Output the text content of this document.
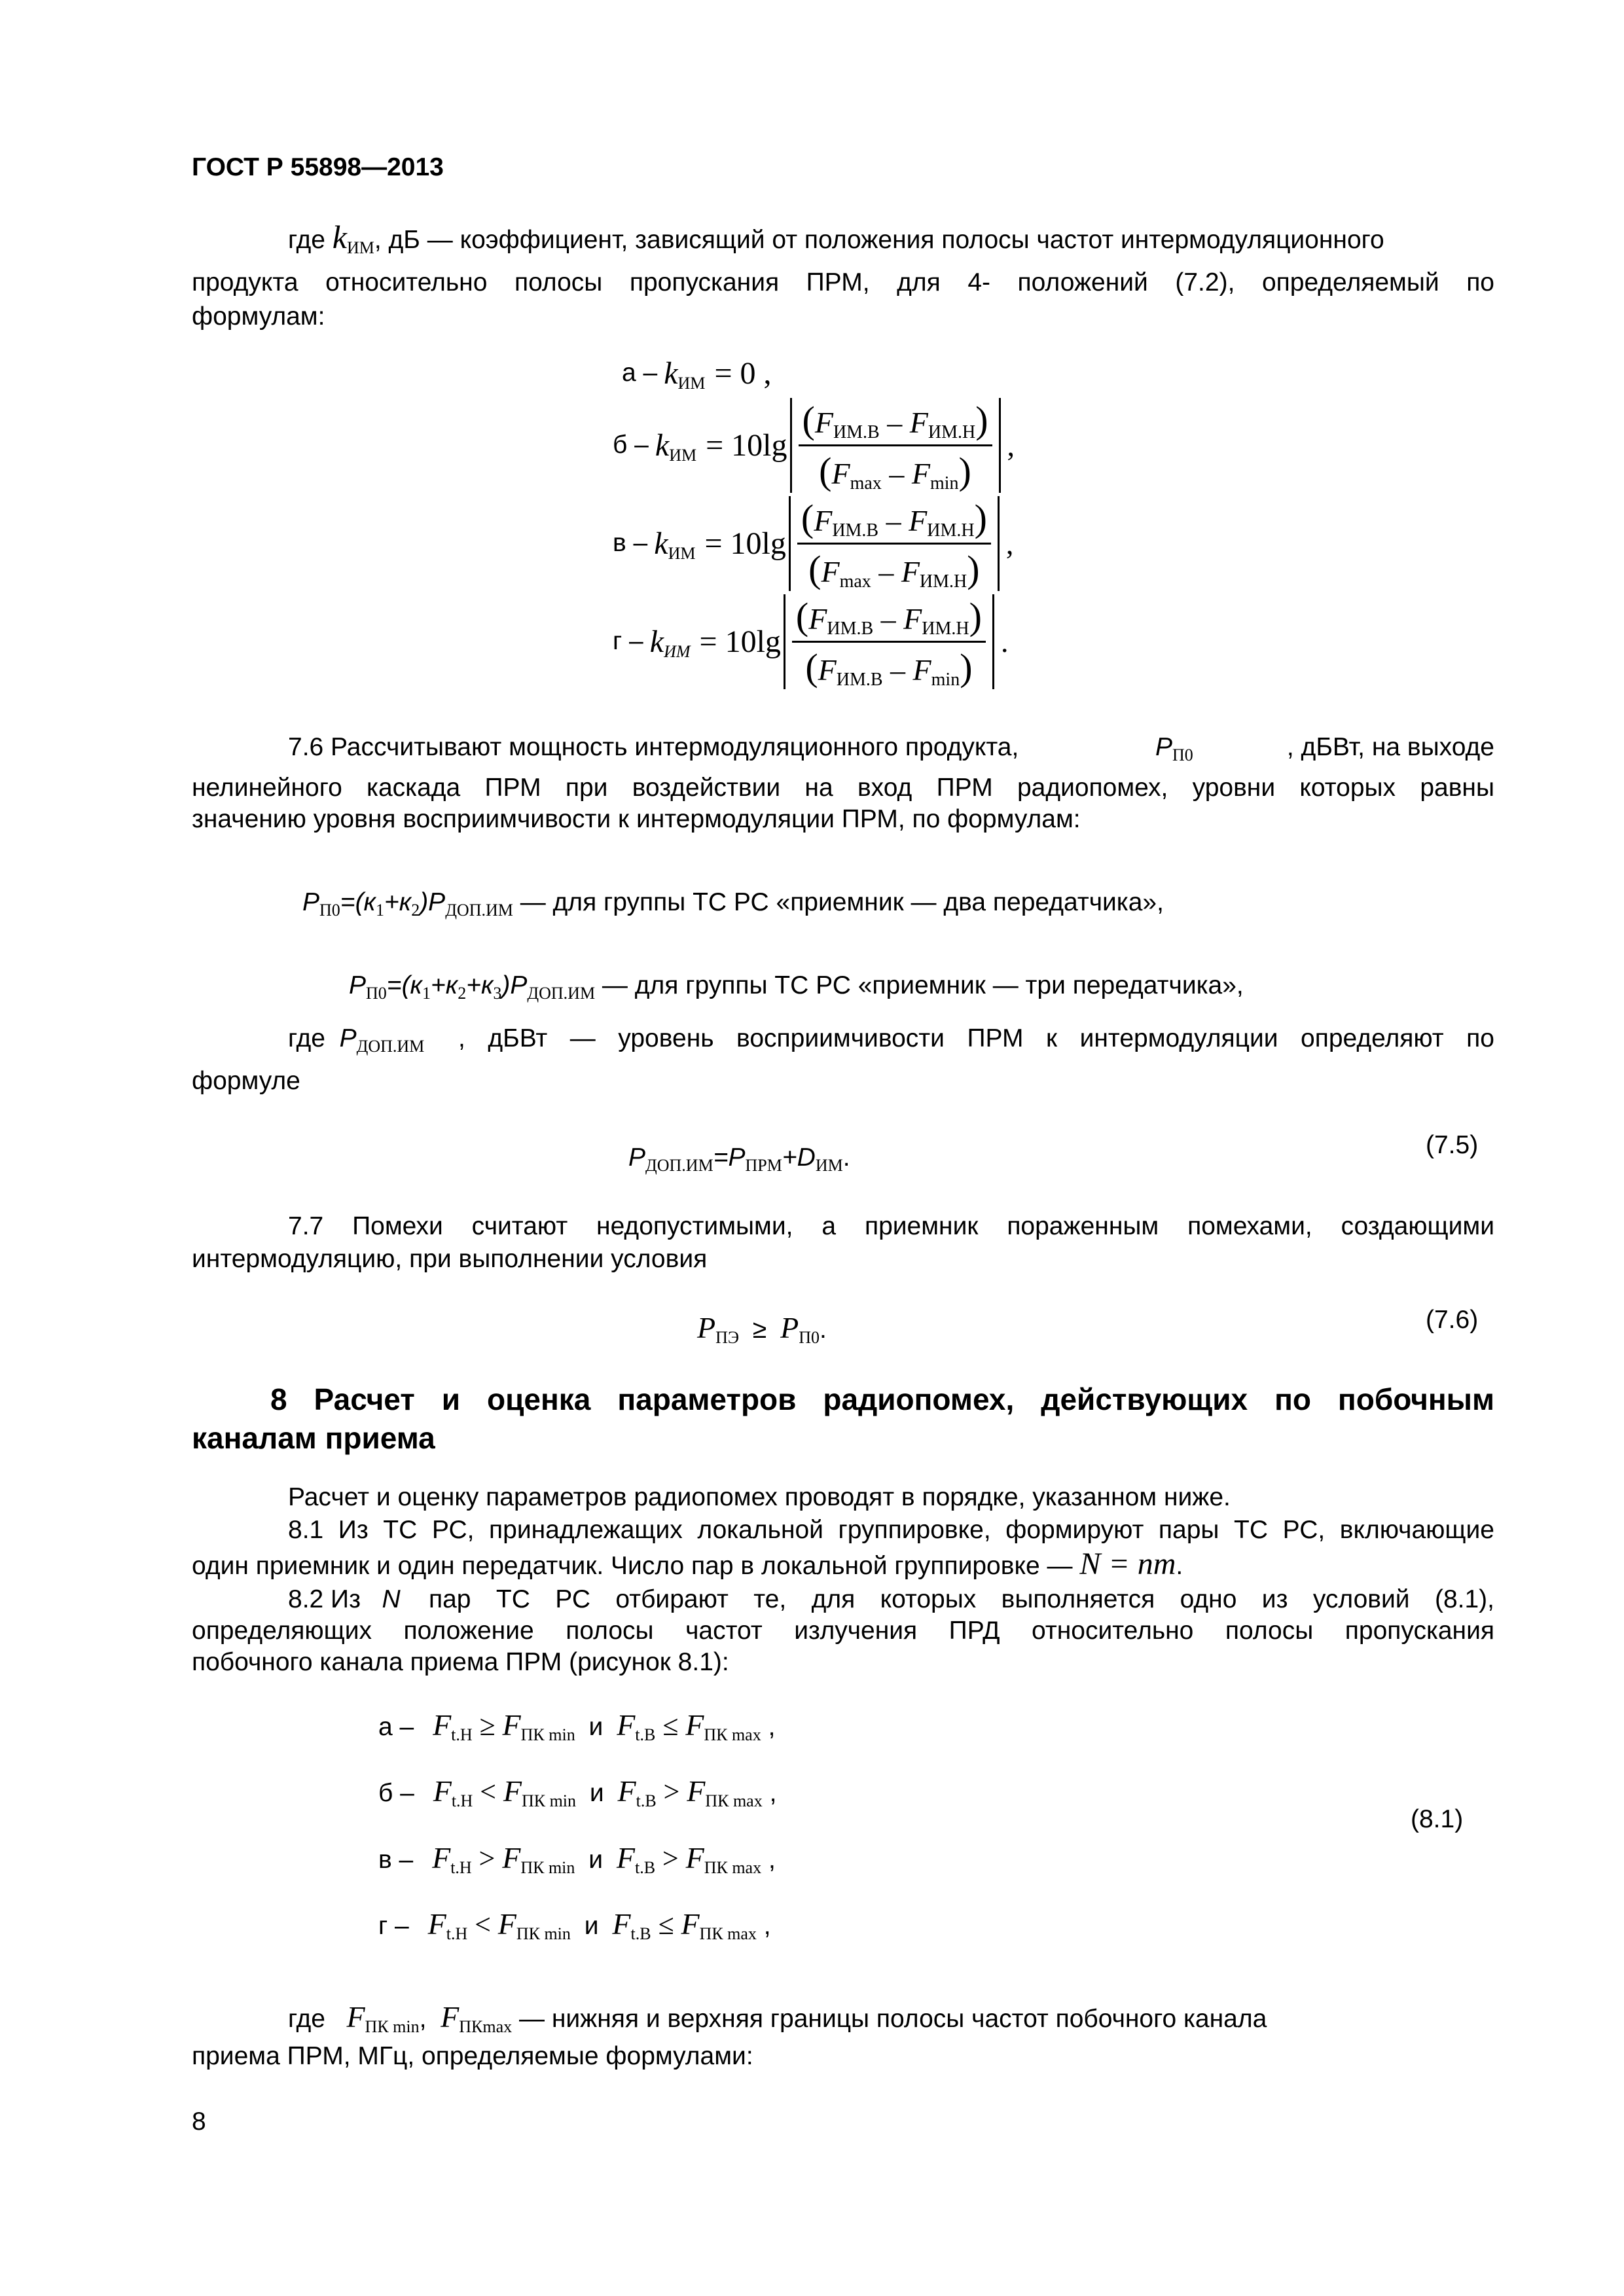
ГОСТ Р 55898—2013
где $k_{ИМ}$, дБ — коэффициент, зависящий от положения полосы частот интермодуляционного
продукта относительно полосы пропускания ПРМ, для 4- положений (7.2), определяемый по
формулам:
$а - k_{ИМ} = 0$ ,
$б - k_{ИМ} = 10\lg \frac{(F_{ИМ.В} - F_{ИМ.Н})}{(F_{max} - F_{min})}$ ,
$в - k_{ИМ} = 10\lg \frac{(F_{ИМ.В} - F_{ИМ.Н})}{(F_{max} - F_{ИМ.Н})}$ ,
$г - k_{ИМ} = 10\lg \frac{(F_{ИМ.В} - F_{ИМ.Н})}{(F_{ИМ.В} - F_{min})}$ .
7.6 Рассчитывают мощность интермодуляционного продукта,	$P_{П0}$	, дБВт, на выходе
нелинейного каскада ПРМ при воздействии на вход ПРМ радиопомех, уровни которых равны
значению уровня восприимчивости к интермодуляции ПРМ, по формулам:
$P_{П0}=(к_1+к_2)P_{ДОП.ИМ}$ — для группы ТС РС «приемник — два передатчика»,
$P_{П0}=(к_1+к_2+к_3)P_{ДОП.ИМ}$ — для группы ТС РС «приемник — три передатчика»,
где $P_{ДОП.ИМ}$ , дБВт — уровень восприимчивости ПРМ к интермодуляции определяют по
формуле
$P_{ДОП.ИМ}=P_{ПРМ}+D_{ИМ}$.	(7.5)
7.7 Помехи считают недопустимыми, а приемник пораженным помехами, создающими
интермодуляцию, при выполнении условия
$P_{ПЭ} \ge P_{П0}$.	(7.6)
8 Расчет и оценка параметров радиопомех, действующих по побочным
каналам приема
Расчет и оценку параметров радиопомех проводят в порядке, указанном ниже.
8.1 Из ТС РС, принадлежащих локальной группировке, формируют пары ТС РС, включающие
один приемник и один передатчик. Число пар в локальной группировке — N = nm.
8.2 Из N пар ТС РС отбирают те, для которых выполняется одно из условий (8.1),
определяющих положение полосы частот излучения ПРД относительно полосы пропускания
побочного канала приема ПРМ (рисунок 8.1):
$а - F_{t.Н} \ge F_{ПК min}$ и $F_{t.В} \le F_{ПК max}$ ,
$б - F_{t.Н} < F_{ПК min}$ и $F_{t.В} > F_{ПК max}$ ,
$в - F_{t.Н} > F_{ПК min}$ и $F_{t.В} > F_{ПК max}$ ,
$г - F_{t.Н} < F_{ПК min}$ и $F_{t.В} \le F_{ПК max}$ ,
(8.1)
где $F_{ПК min}$, $F_{ПКmax}$ — нижняя и верхняя границы полосы частот побочного канала
приема ПРМ, МГц, определяемые формулами:
8
